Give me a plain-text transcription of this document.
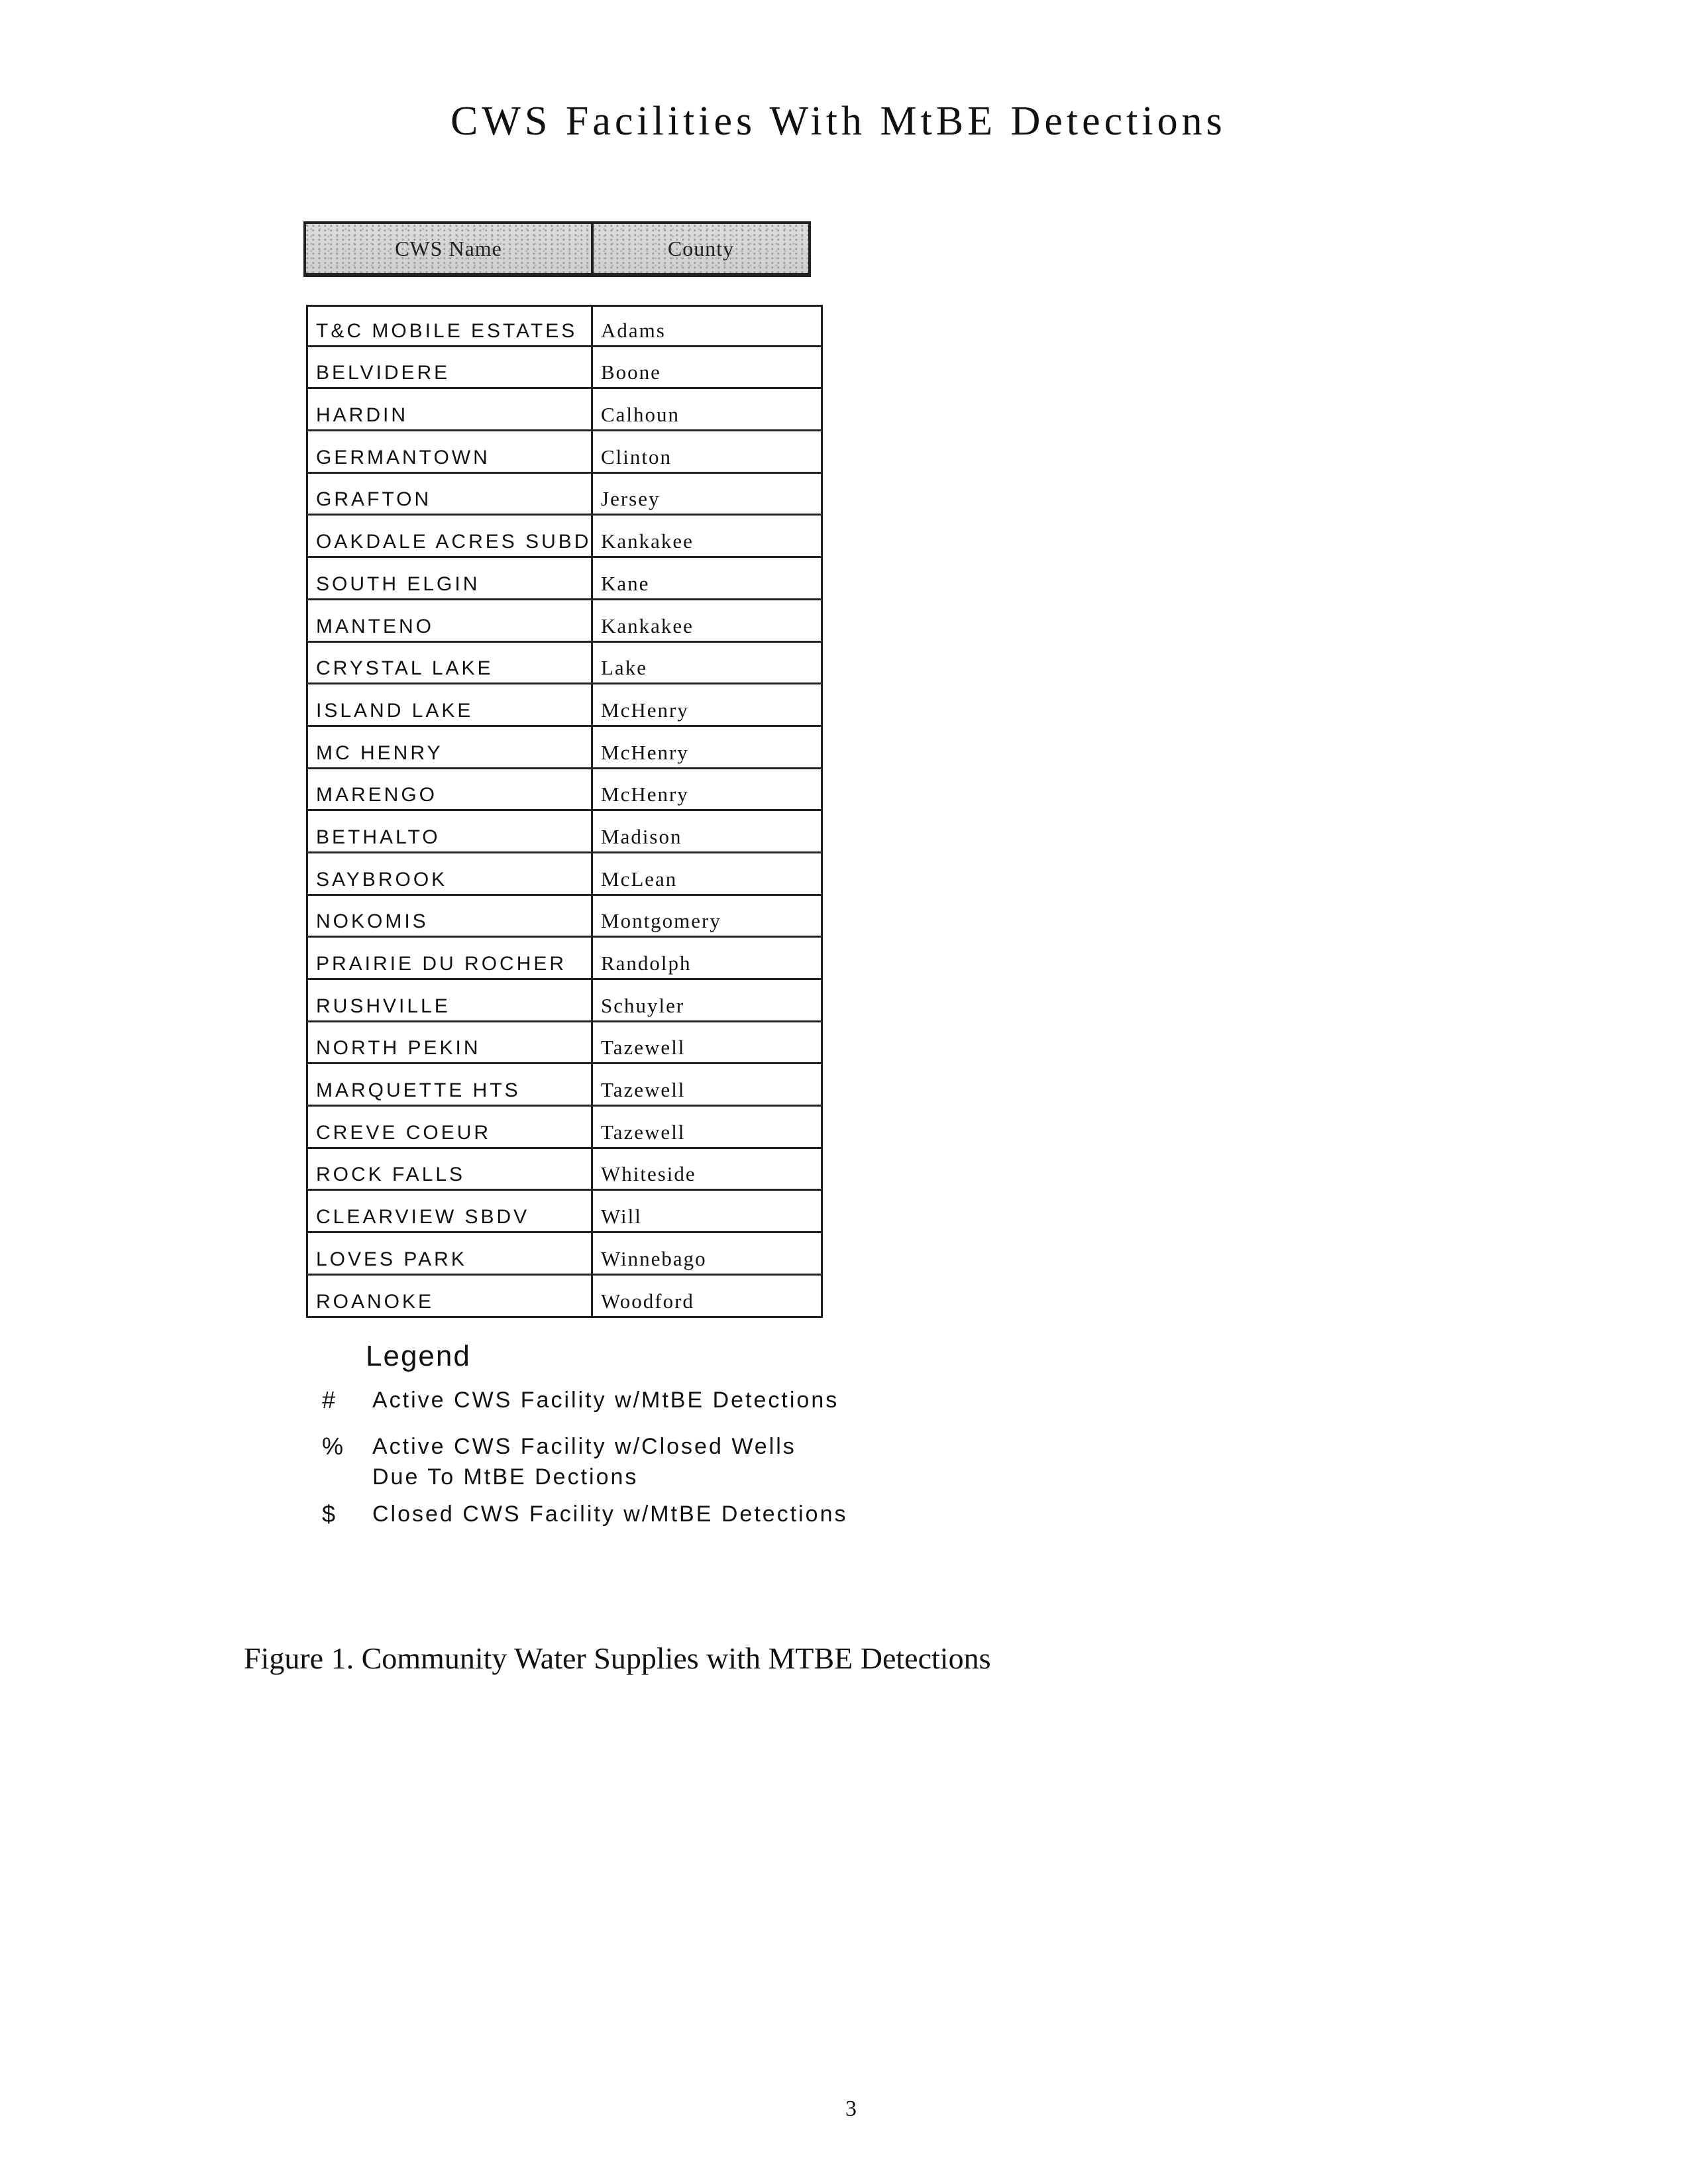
CWS Facilities With MtBE Detections
CWS Name	County
T&C MOBILE ESTATES	Adams
BELVIDERE	Boone
HARDIN	Calhoun
GERMANTOWN	Clinton
GRAFTON	Jersey
OAKDALE ACRES SUBD Kankakee
SOUTH ELGIN	Kane
MANTENO	Kankakee
CRYSTAL LAKE	Lake
ISLAND LAKE	McHenry
MC HENRY	McHenry
MARENGO	McHenry
BETHALTO	Madison
SAYBROOK	McLean
NOKOMIS	Montgomery
PRAIRIE DU ROCHER	Randolph
RUSHVILLE	Schuyler
NORTH PEKIN	Tazewell
MARQUETTE HTS	Tazewell
CREVE COEUR	Tazewell
ROCK FALLS	Whiteside
CLEARVIEW SBDV	Will
LOVES PARK	Winnebago
ROANOKE	Woodford
Legend
#	Active CWS Facility w/MtBE Detections
%	Active CWS Facility w/Closed Wells
Due To MtBE Dections
$	Closed CWS Facility w/MtBE Detections
Figure 1. Community Water Supplies with MTBE Detections
3
